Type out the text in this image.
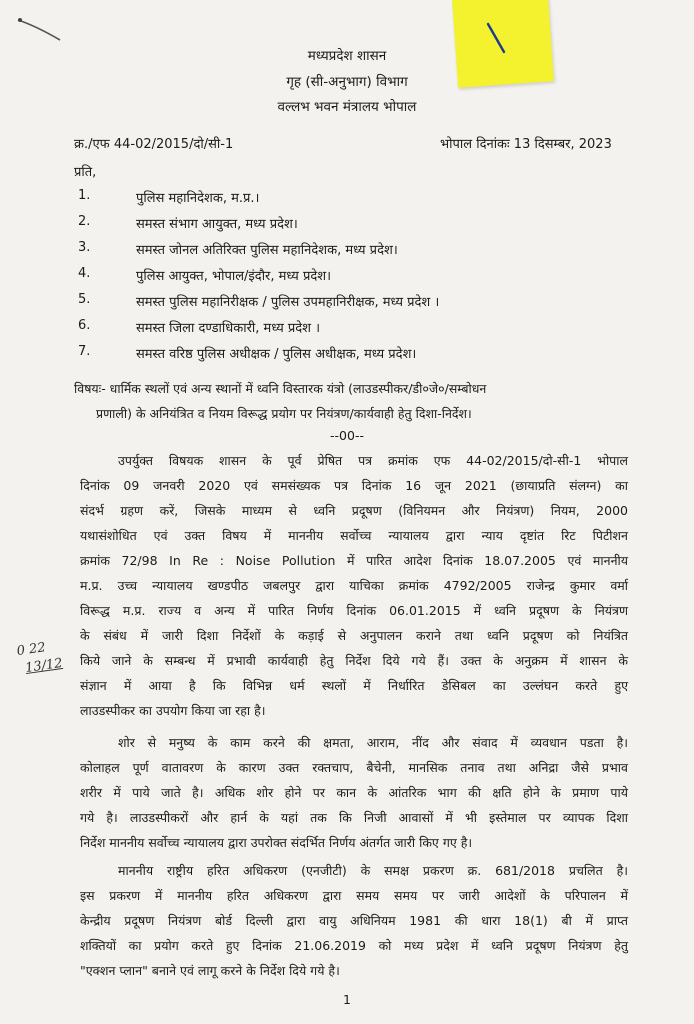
मध्यप्रदेश शासन
गृह (सी-अनुभाग) विभाग
वल्लभ भवन मंत्रालय भोपाल
क्र./एफ 44-02/2015/दो/सी-1	भोपाल दिनांकः 13 दिसम्बर, 2023
प्रति,
1.	पुलिस महानिदेशक, म.प्र.।
2.	समस्त संभाग आयुक्त, मध्य प्रदेश।
3.	समस्त जोनल अतिरिक्त पुलिस महानिदेशक, मध्य प्रदेश।
4.	पुलिस आयुक्त, भोपाल/इंदौर, मध्य प्रदेश।
5.	समस्त पुलिस महानिरीक्षक / पुलिस उपमहानिरीक्षक, मध्य प्रदेश ।
6.	समस्त जिला दण्डाधिकारी, मध्य प्रदेश ।
7.	समस्त वरिष्ठ पुलिस अधीक्षक / पुलिस अधीक्षक, मध्य प्रदेश।
विषयः- धार्मिक स्थलों एवं अन्य स्थानों में ध्वनि विस्तारक यंत्रो (लाउडस्पीकर/डी०जे०/सम्बोधन
प्रणाली) के अनियंत्रित व नियम विरूद्ध प्रयोग पर नियंत्रण/कार्यवाही हेतु दिशा-निर्देश।
--00--
उपर्युक्त विषयक शासन के पूर्व प्रेषित पत्र क्रमांक एफ 44-02/2015/दो-सी-1 भोपाल
दिनांक 09 जनवरी 2020 एवं समसंख्यक पत्र दिनांक 16 जून 2021 (छायाप्रति संलग्न) का
संदर्भ ग्रहण करें, जिसके माध्यम से ध्वनि प्रदूषण (विनियमन और नियंत्रण) नियम, 2000
यथासंशोधित एवं उक्त विषय में माननीय सर्वोच्च न्यायालय द्वारा न्याय दृष्टांत रिट पिटीशन
क्रमांक 72/98 In Re : Noise Pollution में पारित आदेश दिनांक 18.07.2005 एवं माननीय
म.प्र. उच्च न्यायालय खण्डपीठ जबलपुर द्वारा याचिका क्रमांक 4792/2005 राजेन्द्र कुमार वर्मा
विरूद्ध म.प्र. राज्य व अन्य में पारित निर्णय दिनांक 06.01.2015 में ध्वनि प्रदूषण के नियंत्रण
के संबंध में जारी दिशा निर्देशों के कड़ाई से अनुपालन कराने तथा ध्वनि प्रदूषण को नियंत्रित
किये जाने के सम्बन्ध में प्रभावी कार्यवाही हेतु निर्देश दिये गये हैं। उक्त के अनुक्रम में शासन के
संज्ञान में आया है कि विभिन्न धर्म स्थलों में निर्धारित डेसिबल का उल्लंघन करते हुए
लाउडस्पीकर का उपयोग किया जा रहा है।
शोर से मनुष्य के काम करने की क्षमता, आराम, नींद और संवाद में व्यवधान पडता है।
कोलाहल पूर्ण वातावरण के कारण उक्त रक्तचाप, बैचेनी, मानसिक तनाव तथा अनिद्रा जैसे प्रभाव
शरीर में पाये जाते है। अधिक शोर होने पर कान के आंतरिक भाग की क्षति होने के प्रमाण पाये
गये है। लाउडस्पीकरों और हार्न के यहां तक कि निजी आवासों में भी इस्तेमाल पर व्यापक दिशा
निर्देश माननीय सर्वोच्च न्यायालय द्वारा उपरोक्त संदर्भित निर्णय अंतर्गत जारी किए गए है।
माननीय राष्ट्रीय हरित अधिकरण (एनजीटी) के समक्ष प्रकरण क्र. 681/2018 प्रचलित है।
इस प्रकरण में माननीय हरित अधिकरण द्वारा समय समय पर जारी आदेशों के परिपालन में
केन्द्रीय प्रदूषण नियंत्रण बोर्ड दिल्ली द्वारा वायु अधिनियम 1981 की धारा 18(1) बी में प्राप्त
शक्तियों का प्रयोग करते हुए दिनांक 21.06.2019 को मध्य प्रदेश में ध्वनि प्रदूषण नियंत्रण हेतु
"एक्शन प्लान" बनाने एवं लागू करने के निर्देश दिये गये है।
0 22
13/12
1
